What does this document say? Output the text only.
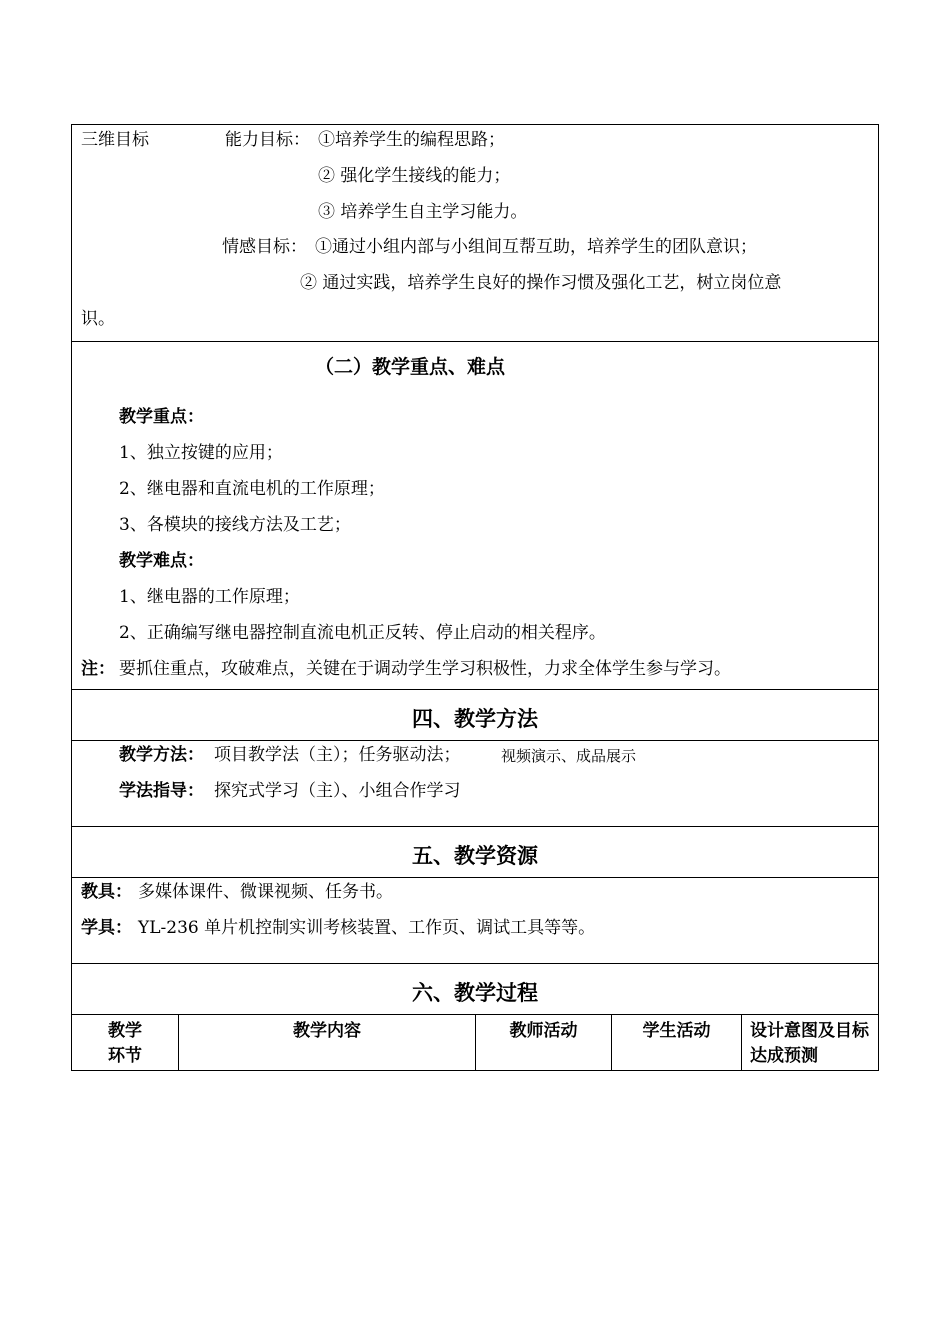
三维目标	能力目标： ①培养学生的编程思路；
② 强化学生接线的能力；
③ 培养学生自主学习能力。
情感目标： ①通过小组内部与小组间互帮互助，培养学生的团队意识；
② 通过实践，培养学生良好的操作习惯及强化工艺，树立岗位意
识。
（二）教学重点、难点
教学重点：
1、独立按键的应用；
2、继电器和直流电机的工作原理；
3、各模块的接线方法及工艺；
教学难点：
1、继电器的工作原理；
2、正确编写继电器控制直流电机正反转、停止启动的相关程序。
注： 要抓住重点，攻破难点，关键在于调动学生学习积极性，力求全体学生参与学习。
四、教学方法
教学方法： 项目教学法（主）；任务驱动法；	视频演示、成品展示
学法指导： 探究式学习（主）、小组合作学习
五、教学资源
教具： 多媒体课件、微课视频、任务书。
学具： YL-236 单片机控制实训考核装置、工作页、调试工具等等。
六、教学过程
教学
环节
教学内容	教师活动	学生活动	设计意图及目标达成预测
